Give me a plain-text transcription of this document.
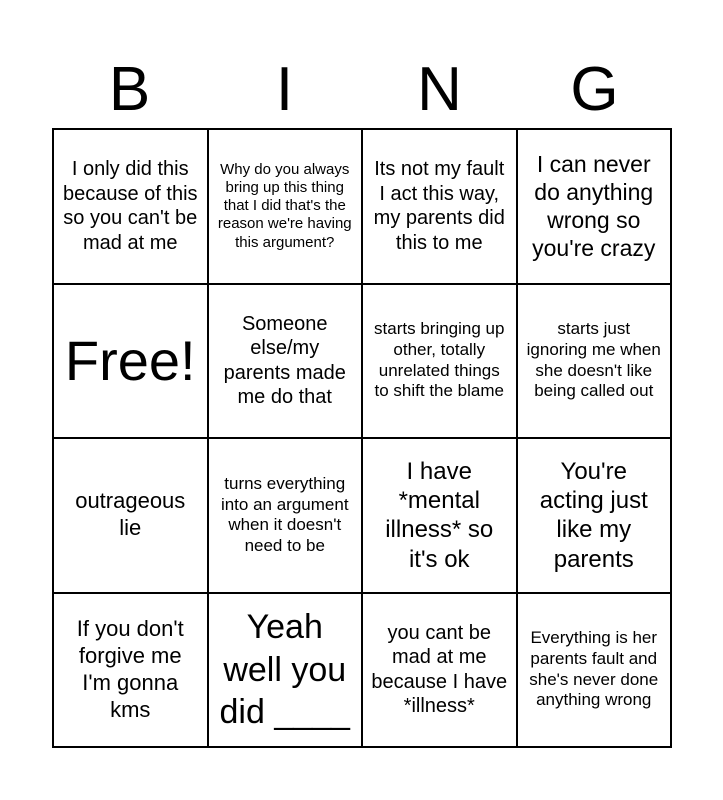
B	I	N	G
I only did this because of this so you can't be mad at me
Why do you always bring up this thing that I did that's the reason we're having this argument?
Its not my fault I act this way, my parents did this to me
I can never do anything wrong so you're crazy
Free!
Someone else/my parents made me do that
starts bringing up other, totally unrelated things to shift the blame
starts just ignoring me when she doesn't like being called out
outrageous lie
turns everything into an argument when it doesn't need to be
I have *mental illness* so it's ok
You're acting just like my parents
If you don't forgive me I'm gonna kms
Yeah well you did ____
you cant be mad at me because I have *illness*
Everything is her parents fault and she's never done anything wrong
